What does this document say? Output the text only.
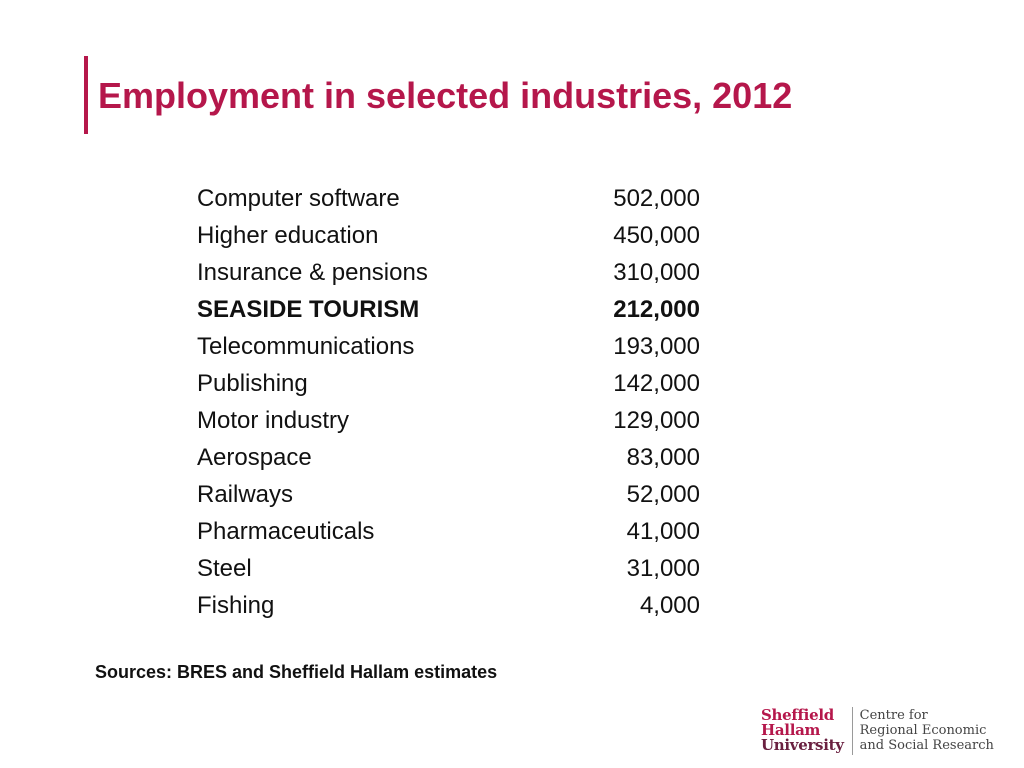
Employment in selected industries, 2012
Computer software	502,000
Higher education	450,000
Insurance & pensions	310,000
SEASIDE TOURISM	212,000
Telecommunications	193,000
Publishing	142,000
Motor industry	129,000
Aerospace	83,000
Railways	52,000
Pharmaceuticals	41,000
Steel	31,000
Fishing	4,000
Sources: BRES and Sheffield Hallam estimates
Sheffield
Hallam
University
Centre for
Regional Economic
and Social Research
